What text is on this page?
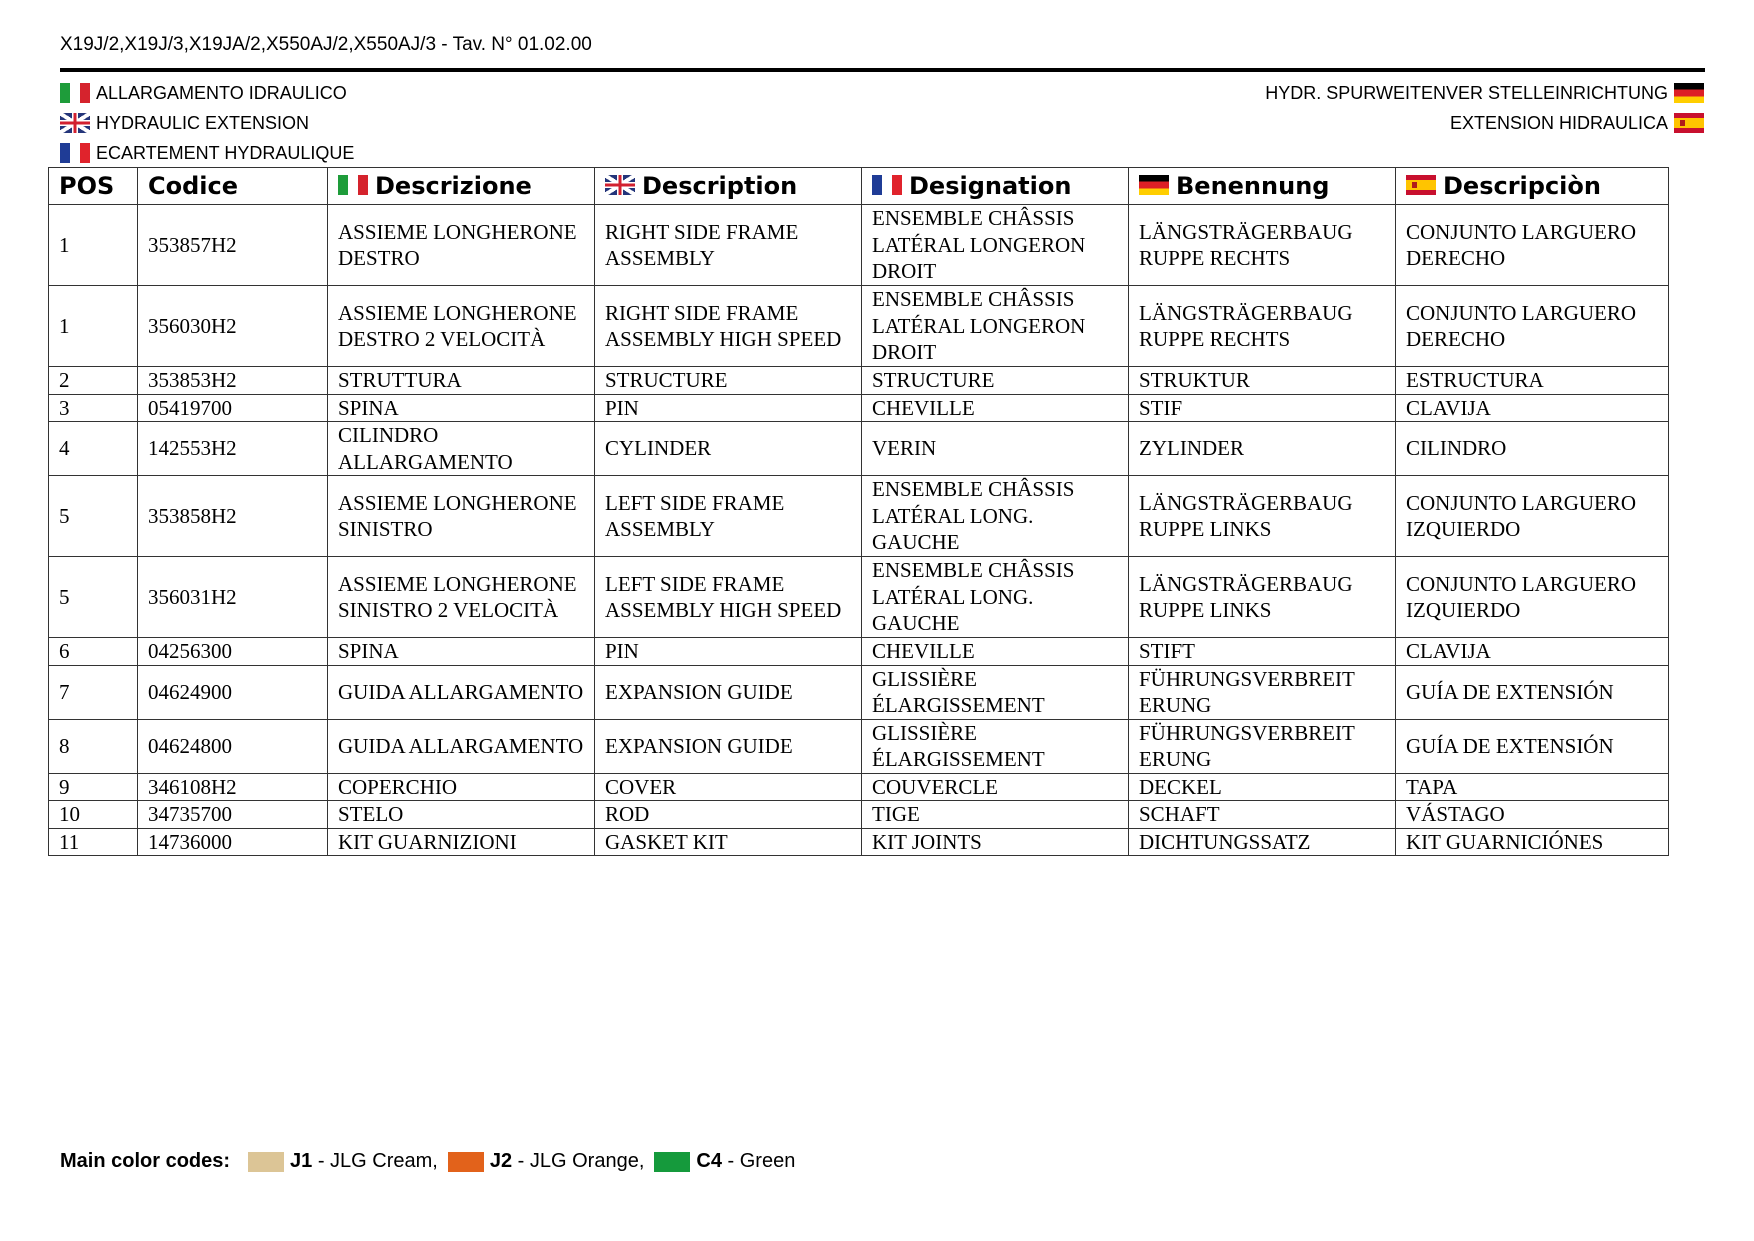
X19J/2,X19J/3,X19JA/2,X550AJ/2,X550AJ/3 - Tav. N° 01.02.00
ALLARGAMENTO IDRAULICO
HYDRAULIC EXTENSION
ECARTEMENT HYDRAULIQUE
HYDR. SPURWEITENVER STELLEINRICHTUNG
EXTENSION HIDRAULICA
POS	Codice	Descrizione	Description	Designation	Benennung	Descripciòn
1	353857H2	ASSIEME LONGHERONE DESTRO	RIGHT SIDE FRAME ASSEMBLY	ENSEMBLE CHÂSSIS LATÉRAL LONGERON DROIT	LÄNGSTRÄGERBAUG RUPPE RECHTS	CONJUNTO LARGUERO DERECHO
1	356030H2	ASSIEME LONGHERONE DESTRO 2 VELOCITÀ	RIGHT SIDE FRAME ASSEMBLY HIGH SPEED	ENSEMBLE CHÂSSIS LATÉRAL LONGERON DROIT	LÄNGSTRÄGERBAUG RUPPE RECHTS	CONJUNTO LARGUERO DERECHO
2	353853H2	STRUTTURA	STRUCTURE	STRUCTURE	STRUKTUR	ESTRUCTURA
3	05419700	SPINA	PIN	CHEVILLE	STIF	CLAVIJA
4	142553H2	CILINDRO ALLARGAMENTO	CYLINDER	VERIN	ZYLINDER	CILINDRO
5	353858H2	ASSIEME LONGHERONE SINISTRO	LEFT SIDE FRAME ASSEMBLY	ENSEMBLE CHÂSSIS LATÉRAL LONG. GAUCHE	LÄNGSTRÄGERBAUG RUPPE LINKS	CONJUNTO LARGUERO IZQUIERDO
5	356031H2	ASSIEME LONGHERONE SINISTRO 2 VELOCITÀ	LEFT SIDE FRAME ASSEMBLY HIGH SPEED	ENSEMBLE CHÂSSIS LATÉRAL LONG. GAUCHE	LÄNGSTRÄGERBAUG RUPPE LINKS	CONJUNTO LARGUERO IZQUIERDO
6	04256300	SPINA	PIN	CHEVILLE	STIFT	CLAVIJA
7	04624900	GUIDA ALLARGAMENTO	EXPANSION GUIDE	GLISSIÈRE ÉLARGISSEMENT	FÜHRUNGSVERBREIT ERUNG	GUÍA DE EXTENSIÓN
8	04624800	GUIDA ALLARGAMENTO	EXPANSION GUIDE	GLISSIÈRE ÉLARGISSEMENT	FÜHRUNGSVERBREIT ERUNG	GUÍA DE EXTENSIÓN
9	346108H2	COPERCHIO	COVER	COUVERCLE	DECKEL	TAPA
10	34735700	STELO	ROD	TIGE	SCHAFT	VÁSTAGO
11	14736000	KIT GUARNIZIONI	GASKET KIT	KIT JOINTS	DICHTUNGSSATZ	KIT GUARNICIÓNES
Main color codes:	J1 - JLG Cream,	J2 - JLG Orange,	C4 - Green
